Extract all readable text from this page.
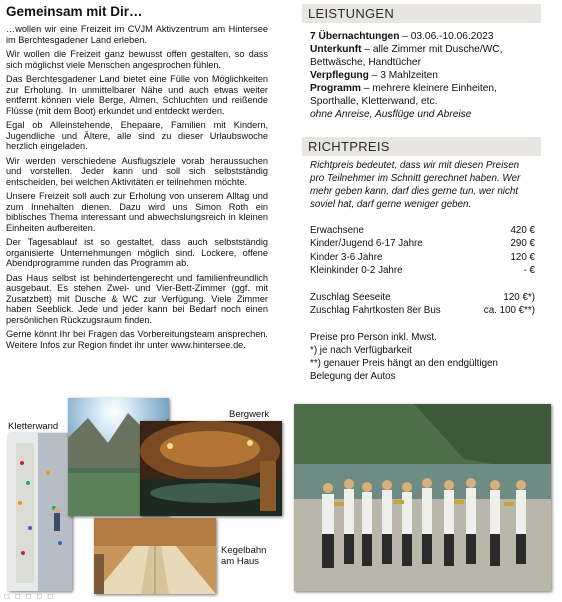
Gemeinsam mit Dir…

…wollen wir eine Freizeit im CVJM Aktivzentrum am Hintersee im Berchtesgadener Land erleben.

Wir wollen die Freizeit ganz bewusst offen gestalten, so dass sich möglichst viele Menschen angesprochen fühlen.

Das Berchtesgadener Land bietet eine Fülle von Möglichkeiten zur Erholung. In unmittelbarer Nähe und auch etwas weiter entfernt können viele Berge, Almen, Schluchten und reißende Flüsse (mit dem Boot) erkundet und entdeckt werden.

Egal ob Alleinstehende, Ehepaare, Familien mit Kindern, Jugendliche und Ältere, alle sind zu dieser Urlaubswoche herzlich eingeladen.

Wir werden verschiedene Ausflugsziele vorab heraussuchen und vorstellen. Jeder kann und soll sich selbstständig entscheiden, bei welchen Aktivitäten er teilnehmen möchte.

Unsere Freizeit soll auch zur Erholung von unserem Alltag und zum Innehalten dienen. Dazu wird uns Simon Roth ein biblisches Thema interessant und abwechslungsreich in kleinen Einheiten aufbereiten.

Der Tagesablauf ist so gestaltet, dass auch selbstständig organisierte Unternehmungen möglich sind. Lockere, offene Abendprogramme runden das Programm ab.

Das Haus selbst ist behindertengerecht und familienfreundlich ausgebaut. Es stehen Zwei- und Vier-Bett-Zimmer (ggf. mit Zusatzbett) mit Dusche & WC zur Verfügung. Viele Zimmer haben Seeblick. Jede und jeder kann bei Bedarf noch einen persönlichen Rückzugsraum finden.

Gerne könnt Ihr bei Fragen das Vorbereitungsteam ansprechen. Weitere Infos zur Region findet ihr unter www.hintersee.de.

LEISTUNGEN
7 Übernachtungen – 03.06.-10.06.2023
Unterkunft – alle Zimmer mit Dusche/WC,
Bettwäsche, Handtücher
Verpflegung – 3 Mahlzeiten
Programm – mehrere kleinere Einheiten,
Sporthalle, Kletterwand, etc.
ohne Anreise, Ausflüge und Abreise
RICHTPREIS
Richtpreis bedeutet, dass wir mit diesen Preisen pro Teilnehmer im Schnitt gerechnet haben. Wer mehr geben kann, darf dies gerne tun, wer nicht soviel hat, darf gerne weniger geben.
Erwachsene	420 €
Kinder/Jugend 6-17 Jahre	290 €
Kinder 3-6 Jahre	120 €
Kleinkinder 0-2 Jahre	- €
Zuschlag Seeseite	120 €*)
Zuschlag Fahrtkosten 8er Bus	ca. 100 €**)
Preise pro Person inkl. Mwst.
*) je nach Verfügbarkeit
**) genauer Preis hängt an den endgültigen Belegung der Autos
Kletterwand
Bergwerk
Kegelbahn
am Haus
◻ ◻ ◻ ◻ ◻
